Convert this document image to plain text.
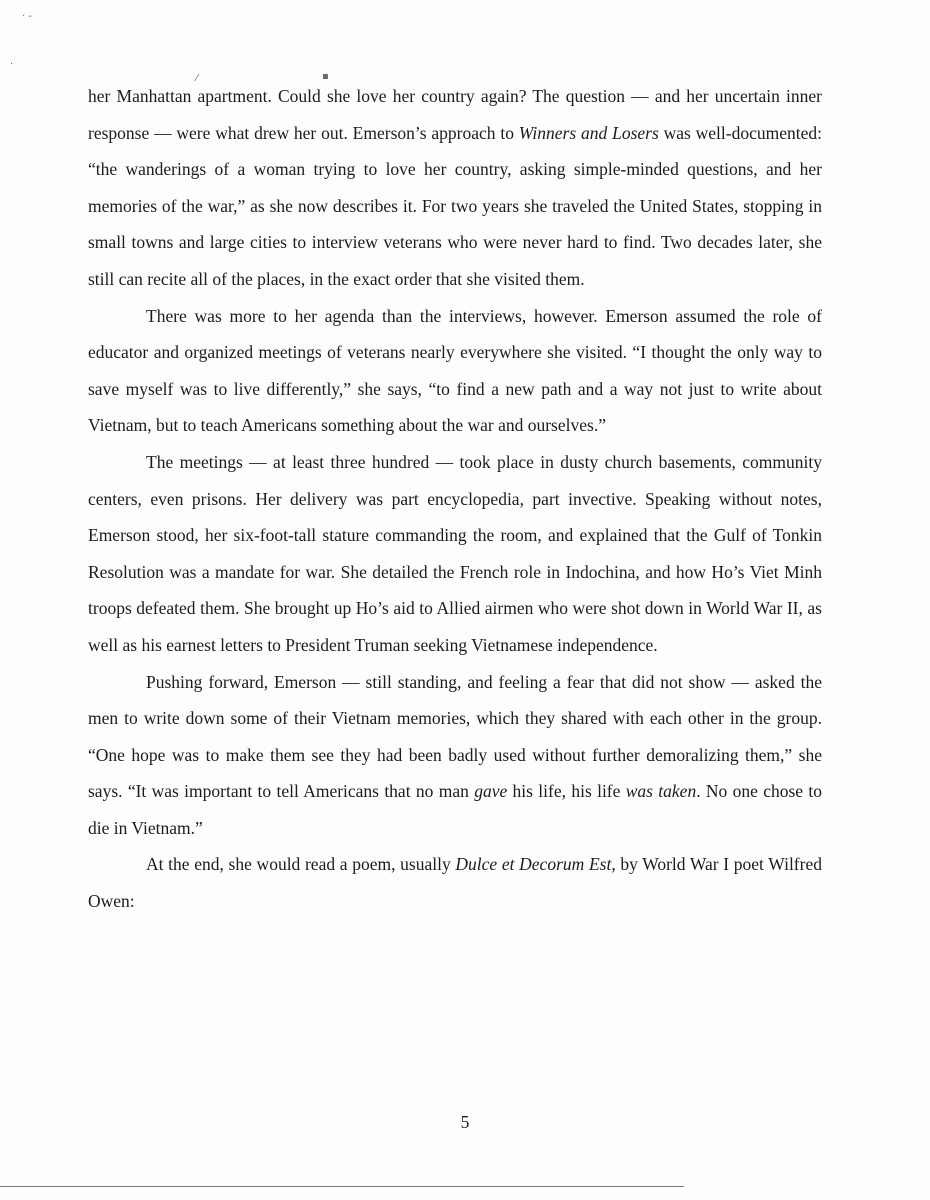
· -
·
⁄	▪

her Manhattan apartment. Could she love her country again? The question — and her uncertain inner response — were what drew her out. Emerson’s approach to Winners and Losers was well-documented: “the wanderings of a woman trying to love her country, asking simple-minded questions, and her memories of the war,” as she now describes it. For two years she traveled the United States, stopping in small towns and large cities to interview veterans who were never hard to find. Two decades later, she still can recite all of the places, in the exact order that she visited them.

There was more to her agenda than the interviews, however. Emerson assumed the role of educator and organized meetings of veterans nearly everywhere she visited. “I thought the only way to save myself was to live differently,” she says, “to find a new path and a way not just to write about Vietnam, but to teach Americans something about the war and ourselves.”

The meetings — at least three hundred — took place in dusty church basements, community centers, even prisons. Her delivery was part encyclopedia, part invective. Speaking without notes, Emerson stood, her six-foot-tall stature commanding the room, and explained that the Gulf of Tonkin Resolution was a mandate for war. She detailed the French role in Indochina, and how Ho’s Viet Minh troops defeated them. She brought up Ho’s aid to Allied airmen who were shot down in World War II, as well as his earnest letters to President Truman seeking Vietnamese independence.

Pushing forward, Emerson — still standing, and feeling a fear that did not show — asked the men to write down some of their Vietnam memories, which they shared with each other in the group. “One hope was to make them see they had been badly used without further demoralizing them,” she says. “It was important to tell Americans that no man gave his life, his life was taken. No one chose to die in Vietnam.”

At the end, she would read a poem, usually Dulce et Decorum Est, by World War I poet Wilfred Owen:

5
